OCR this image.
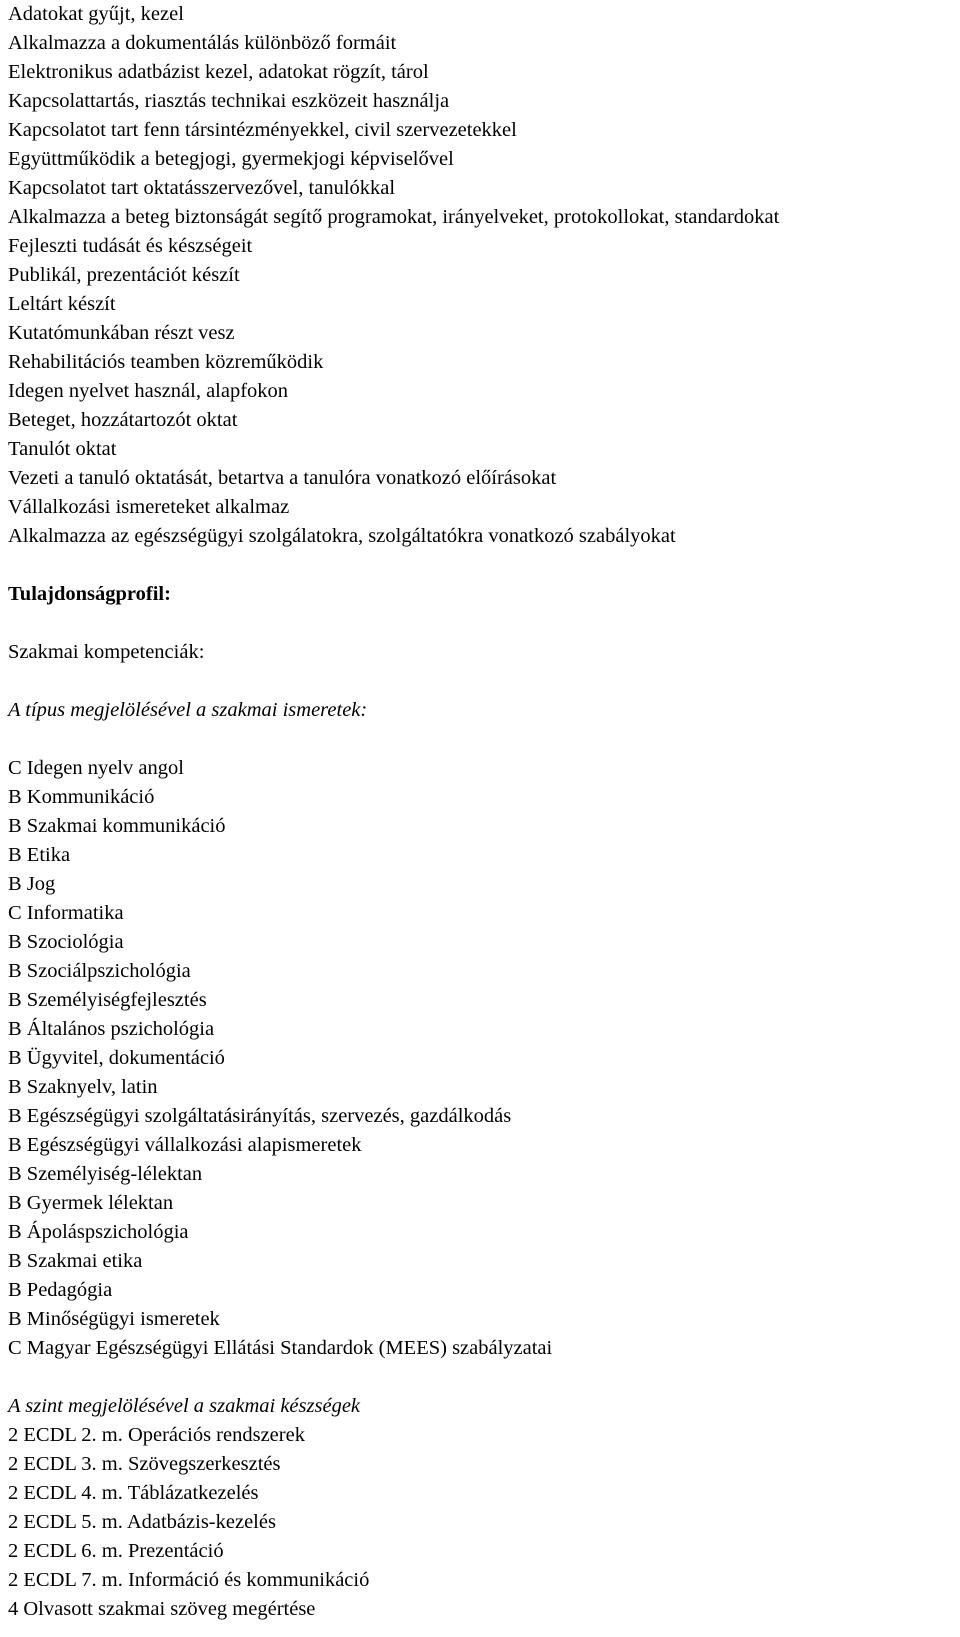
Adatokat gyűjt, kezel
Alkalmazza a dokumentálás különböző formáit
Elektronikus adatbázist kezel, adatokat rögzít, tárol
Kapcsolattartás, riasztás technikai eszközeit használja
Kapcsolatot tart fenn társintézményekkel, civil szervezetekkel
Együttműködik a betegjogi, gyermekjogi képviselővel
Kapcsolatot tart oktatásszervezővel, tanulókkal
Alkalmazza a beteg biztonságát segítő programokat, irányelveket, protokollokat, standardokat
Fejleszti tudását és készségeit
Publikál, prezentációt készít
Leltárt készít
Kutatómunkában részt vesz
Rehabilitációs teamben közreműködik
Idegen nyelvet használ, alapfokon
Beteget, hozzátartozót oktat
Tanulót oktat
Vezeti a tanuló oktatását, betartva a tanulóra vonatkozó előírásokat
Vállalkozási ismereteket alkalmaz
Alkalmazza az egészségügyi szolgálatokra, szolgáltatókra vonatkozó szabályokat
Tulajdonságprofil:
Szakmai kompetenciák:
A típus megjelölésével a szakmai ismeretek:
C Idegen nyelv angol
B Kommunikáció
B Szakmai kommunikáció
B Etika
B Jog
C Informatika
B Szociológia
B Szociálpszichológia
B Személyiségfejlesztés
B Általános pszichológia
B Ügyvitel, dokumentáció
B Szaknyelv, latin
B Egészségügyi szolgáltatásirányítás, szervezés, gazdálkodás
B Egészségügyi vállalkozási alapismeretek
B Személyiség-lélektan
B Gyermek lélektan
B Ápoláspszichológia
B Szakmai etika
B Pedagógia
B Minőségügyi ismeretek
C Magyar Egészségügyi Ellátási Standardok (MEES) szabályzatai
A szint megjelölésével a szakmai készségek
2 ECDL 2. m. Operációs rendszerek
2 ECDL 3. m. Szövegszerkesztés
2 ECDL 4. m. Táblázatkezelés
2 ECDL 5. m. Adatbázis-kezelés
2 ECDL 6. m. Prezentáció
2 ECDL 7. m. Információ és kommunikáció
4 Olvasott szakmai szöveg megértése
